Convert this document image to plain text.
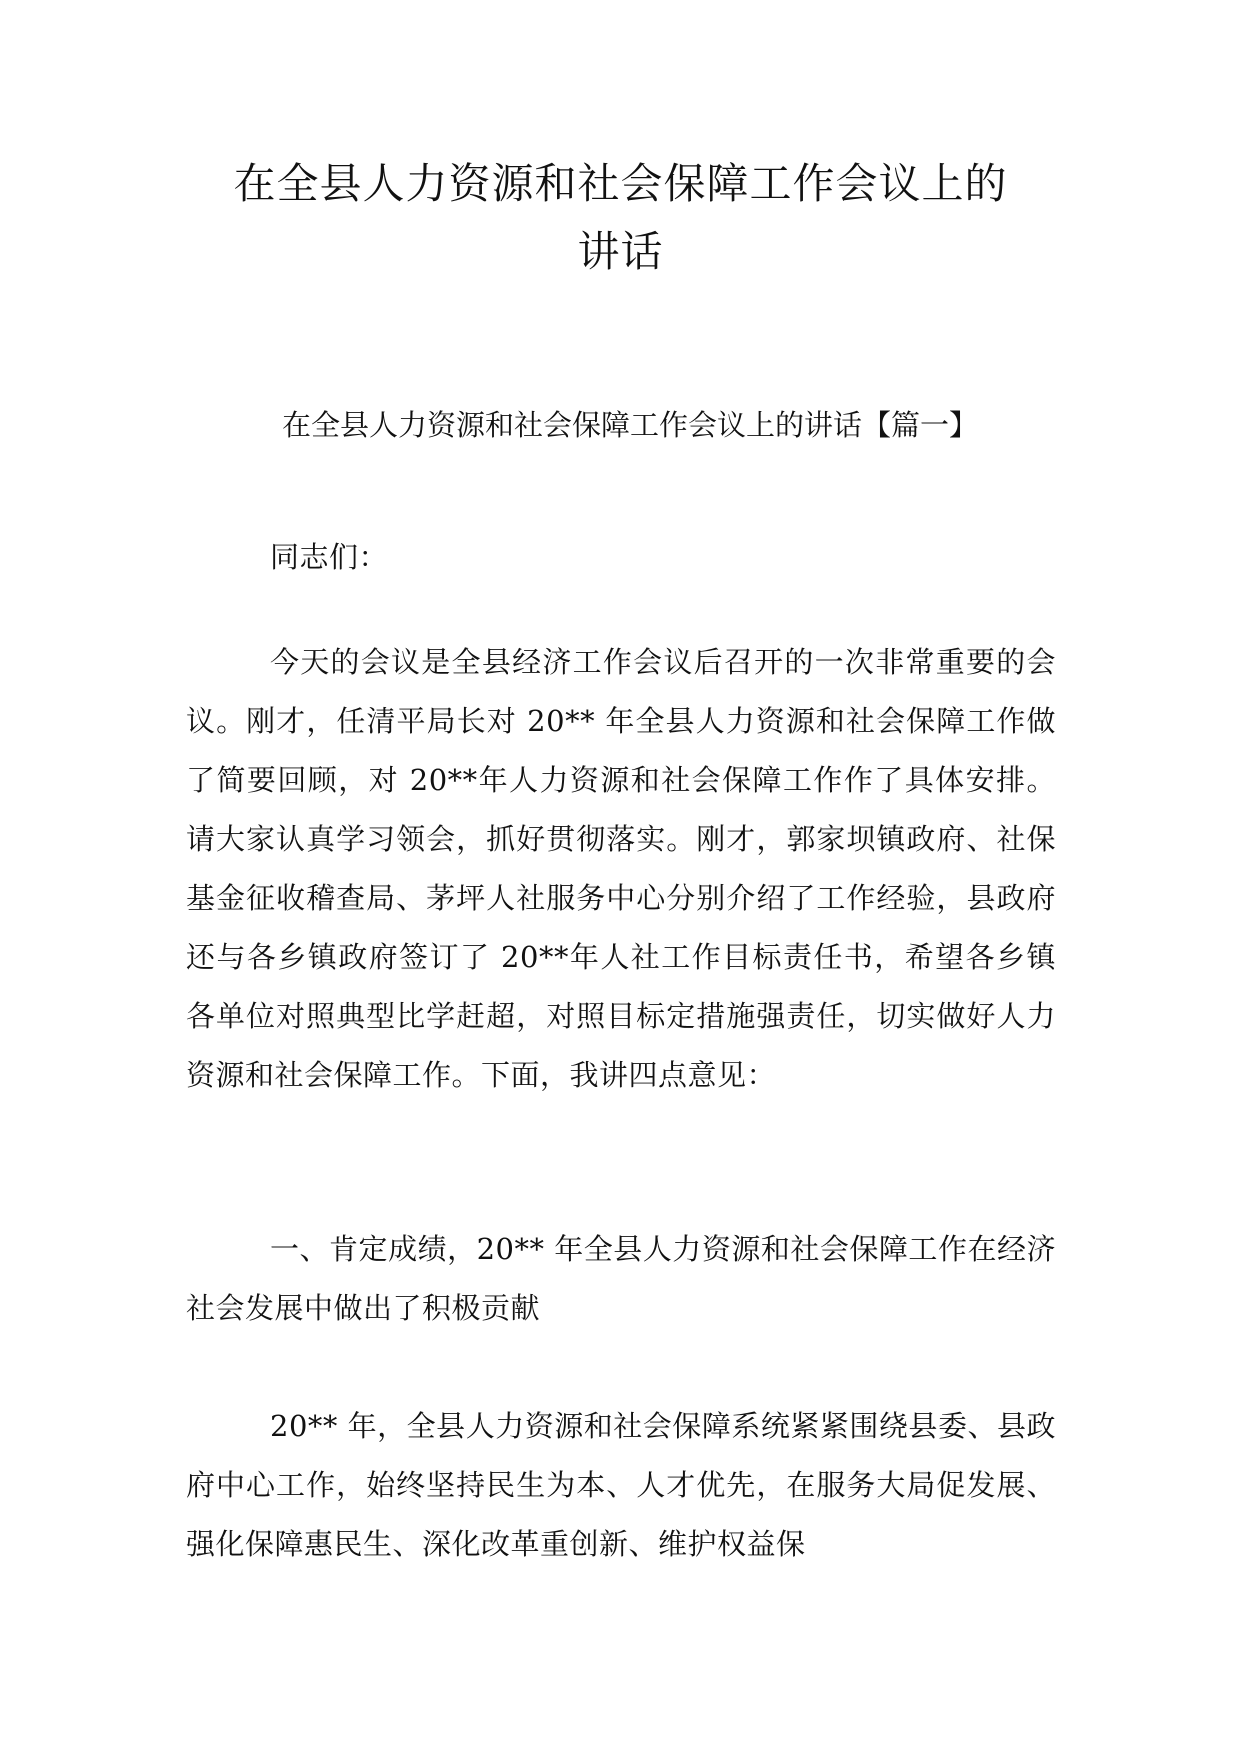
在全县人力资源和社会保障工作会议上的
讲话
在全县人力资源和社会保障工作会议上的讲话【篇一】

同志们：

今天的会议是全县经济工作会议后召开的一次非常重要的会议。刚才，任清平局长对 20** 年全县人力资源和社会保障工作做了简要回顾，对 20**年人力资源和社会保障工作作了具体安排。请大家认真学习领会，抓好贯彻落实。刚才，郭家坝镇政府、社保基金征收稽查局、茅坪人社服务中心分别介绍了工作经验，县政府还与各乡镇政府签订了 20**年人社工作目标责任书，希望各乡镇各单位对照典型比学赶超，对照目标定措施强责任，切实做好人力资源和社会保障工作。下面，我讲四点意见：

一、肯定成绩，20** 年全县人力资源和社会保障工作在经济社会发展中做出了积极贡献

20** 年，全县人力资源和社会保障系统紧紧围绕县委、县政府中心工作，始终坚持民生为本、人才优先，在服务大局促发展、强化保障惠民生、深化改革重创新、维护权益保
